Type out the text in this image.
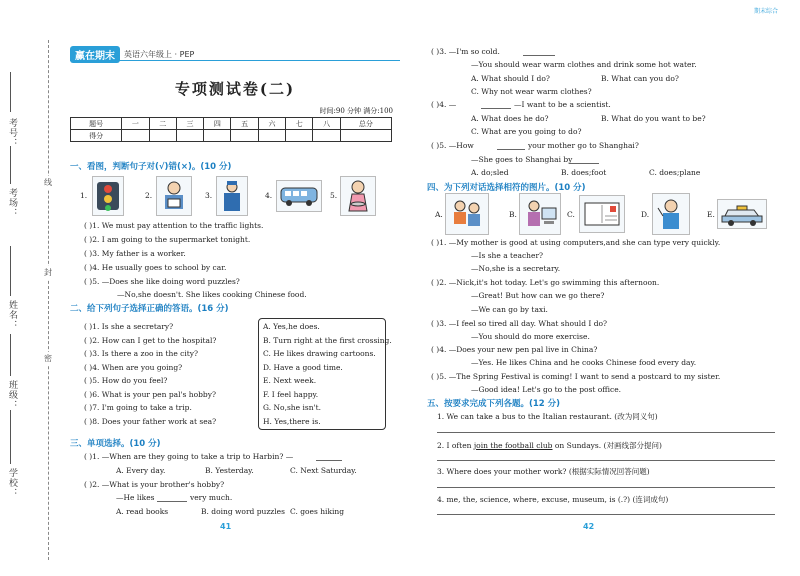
考号：
考场：
姓名：
班级：
学校：
线
封
密
赢在期末	英语六年级上 · PEP
专项测试卷(二)
时间:90 分钟 满分:100
题号	一	二	三	四	五	六	七	八	总分
得分									
一、看图，判断句子对(√)错(×)。(10 分)
1.	2.	3.	4.	5.
( )1. We must pay attention to the traffic lights.
( )2. I am going to the supermarket tonight.
( )3. My father is a worker.
( )4. He usually goes to school by car.
( )5. —Does she like doing word puzzles?
—No,she doesn't. She likes cooking Chinese food.
二、给下列句子选择正确的答语。(16 分)
( )1. Is she a secretary?
( )2. How can I get to the hospital?
( )3. Is there a zoo in the city?
( )4. When are you going?
( )5. How do you feel?
( )6. What is your pen pal's hobby?
( )7. I'm going to take a trip.
( )8. Does your father work at sea?
A. Yes,he does.
B. Turn right at the first crossing.
C. He likes drawing cartoons.
D. Have a good time.
E. Next week.
F. I feel happy.
G. No,she isn't.
H. Yes,there is.
三、单项选择。(10 分)
( )1. —When are they going to take a trip to Harbin? —
A. Every day.	B. Yesterday.	C. Next Saturday.
( )2. —What is your brother's hobby?
—He likes	very much.
A. read books	B. doing word puzzles C. goes hiking
41
( )3. —I'm so cold.
—You should wear warm clothes and drink some hot water.
A. What should I do?	B. What can you do?
C. Why not wear warm clothes?
( )4. —	—I want to be a scientist.
A. What does he do?	B. What do you want to be?
C. What are you going to do?
( )5. —How	your mother go to Shanghai?
—She goes to Shanghai by
A. do;sled	B. does;foot	C. does;plane
四、为下列对话选择相符的图片。(10 分)
A.	B.	C.	D.	E.
( )1. —My mother is good at using computers,and she can type very quickly.
—Is she a teacher?
—No,she is a secretary.
( )2. —Nick,it's hot today. Let's go swimming this afternoon.
—Great! But how can we go there?
—We can go by taxi.
( )3. —I feel so tired all day. What should I do?
—You should do more exercise.
( )4. —Does your new pen pal live in China?
—Yes. He likes China and he cooks Chinese food every day.
( )5. —The Spring Festival is coming! I want to send a postcard to my sister.
—Good idea! Let's go to the post office.
五、按要求完成下列各题。(12 分)
1. We can take a bus to the Italian restaurant. (改为同义句)
2. I often join the football club on Sundays. (对画线部分提问)
3. Where does your mother work? (根据实际情况回答问题)
4. me, the, science, where, excuse, museum, is (.?) (连词成句)
42
期末综合
